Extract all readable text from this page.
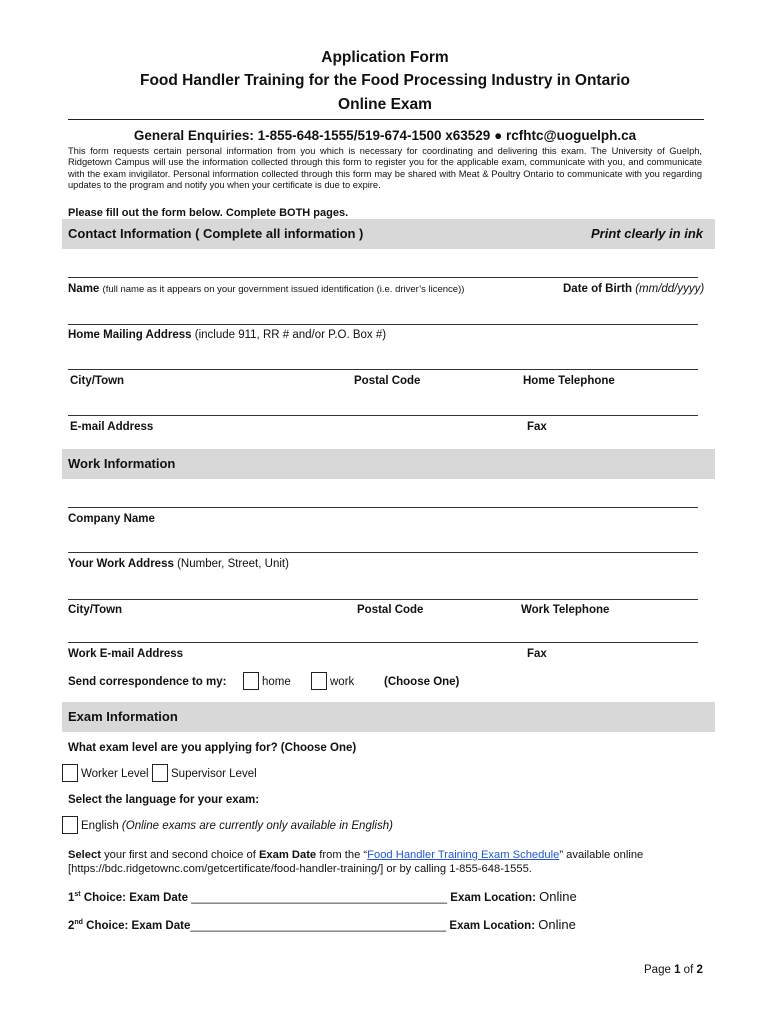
Application Form
Food Handler Training for the Food Processing Industry in Ontario
Online Exam
General Enquiries: 1-855-648-1555/519-674-1500 x63529 ● rcfhtc@uoguelph.ca
This form requests certain personal information from you which is necessary for coordinating and delivering this exam. The University of Guelph, Ridgetown Campus will use the information collected through this form to register you for the applicable exam, communicate with you, and communicate with the exam invigilator. Personal information collected through this form may be shared with Meat & Poultry Ontario to communicate with you regarding updates to the program and notify you when your certificate is due to expire.
Please fill out the form below. Complete BOTH pages.
Contact Information ( Complete all information )	Print clearly in ink
Name (full name as it appears on your government issued identification (i.e. driver’s licence))	Date of Birth (mm/dd/yyyy)
Home Mailing Address (include 911, RR # and/or P.O. Box #)
City/Town	Postal Code	Home Telephone
E-mail Address	Fax
Work Information
Company Name
Your Work Address (Number, Street, Unit)
City/Town	Postal Code	Work Telephone
Work E-mail Address	Fax
Send correspondence to my:	home	work	(Choose One)
Exam Information
What exam level are you applying for? (Choose One)
Worker Level Supervisor Level
Select the language for your exam:
English (Online exams are currently only available in English)
Select your first and second choice of Exam Date from the “Food Handler Training Exam Schedule” available online
[https://bdc.ridgetownc.com/getcertificate/food-handler-training/] or by calling 1-855-648-1555.
1st Choice: Exam Date ________________________________________ Exam Location: Online
2nd Choice: Exam Date________________________________________ Exam Location: Online
Page 1 of 2
